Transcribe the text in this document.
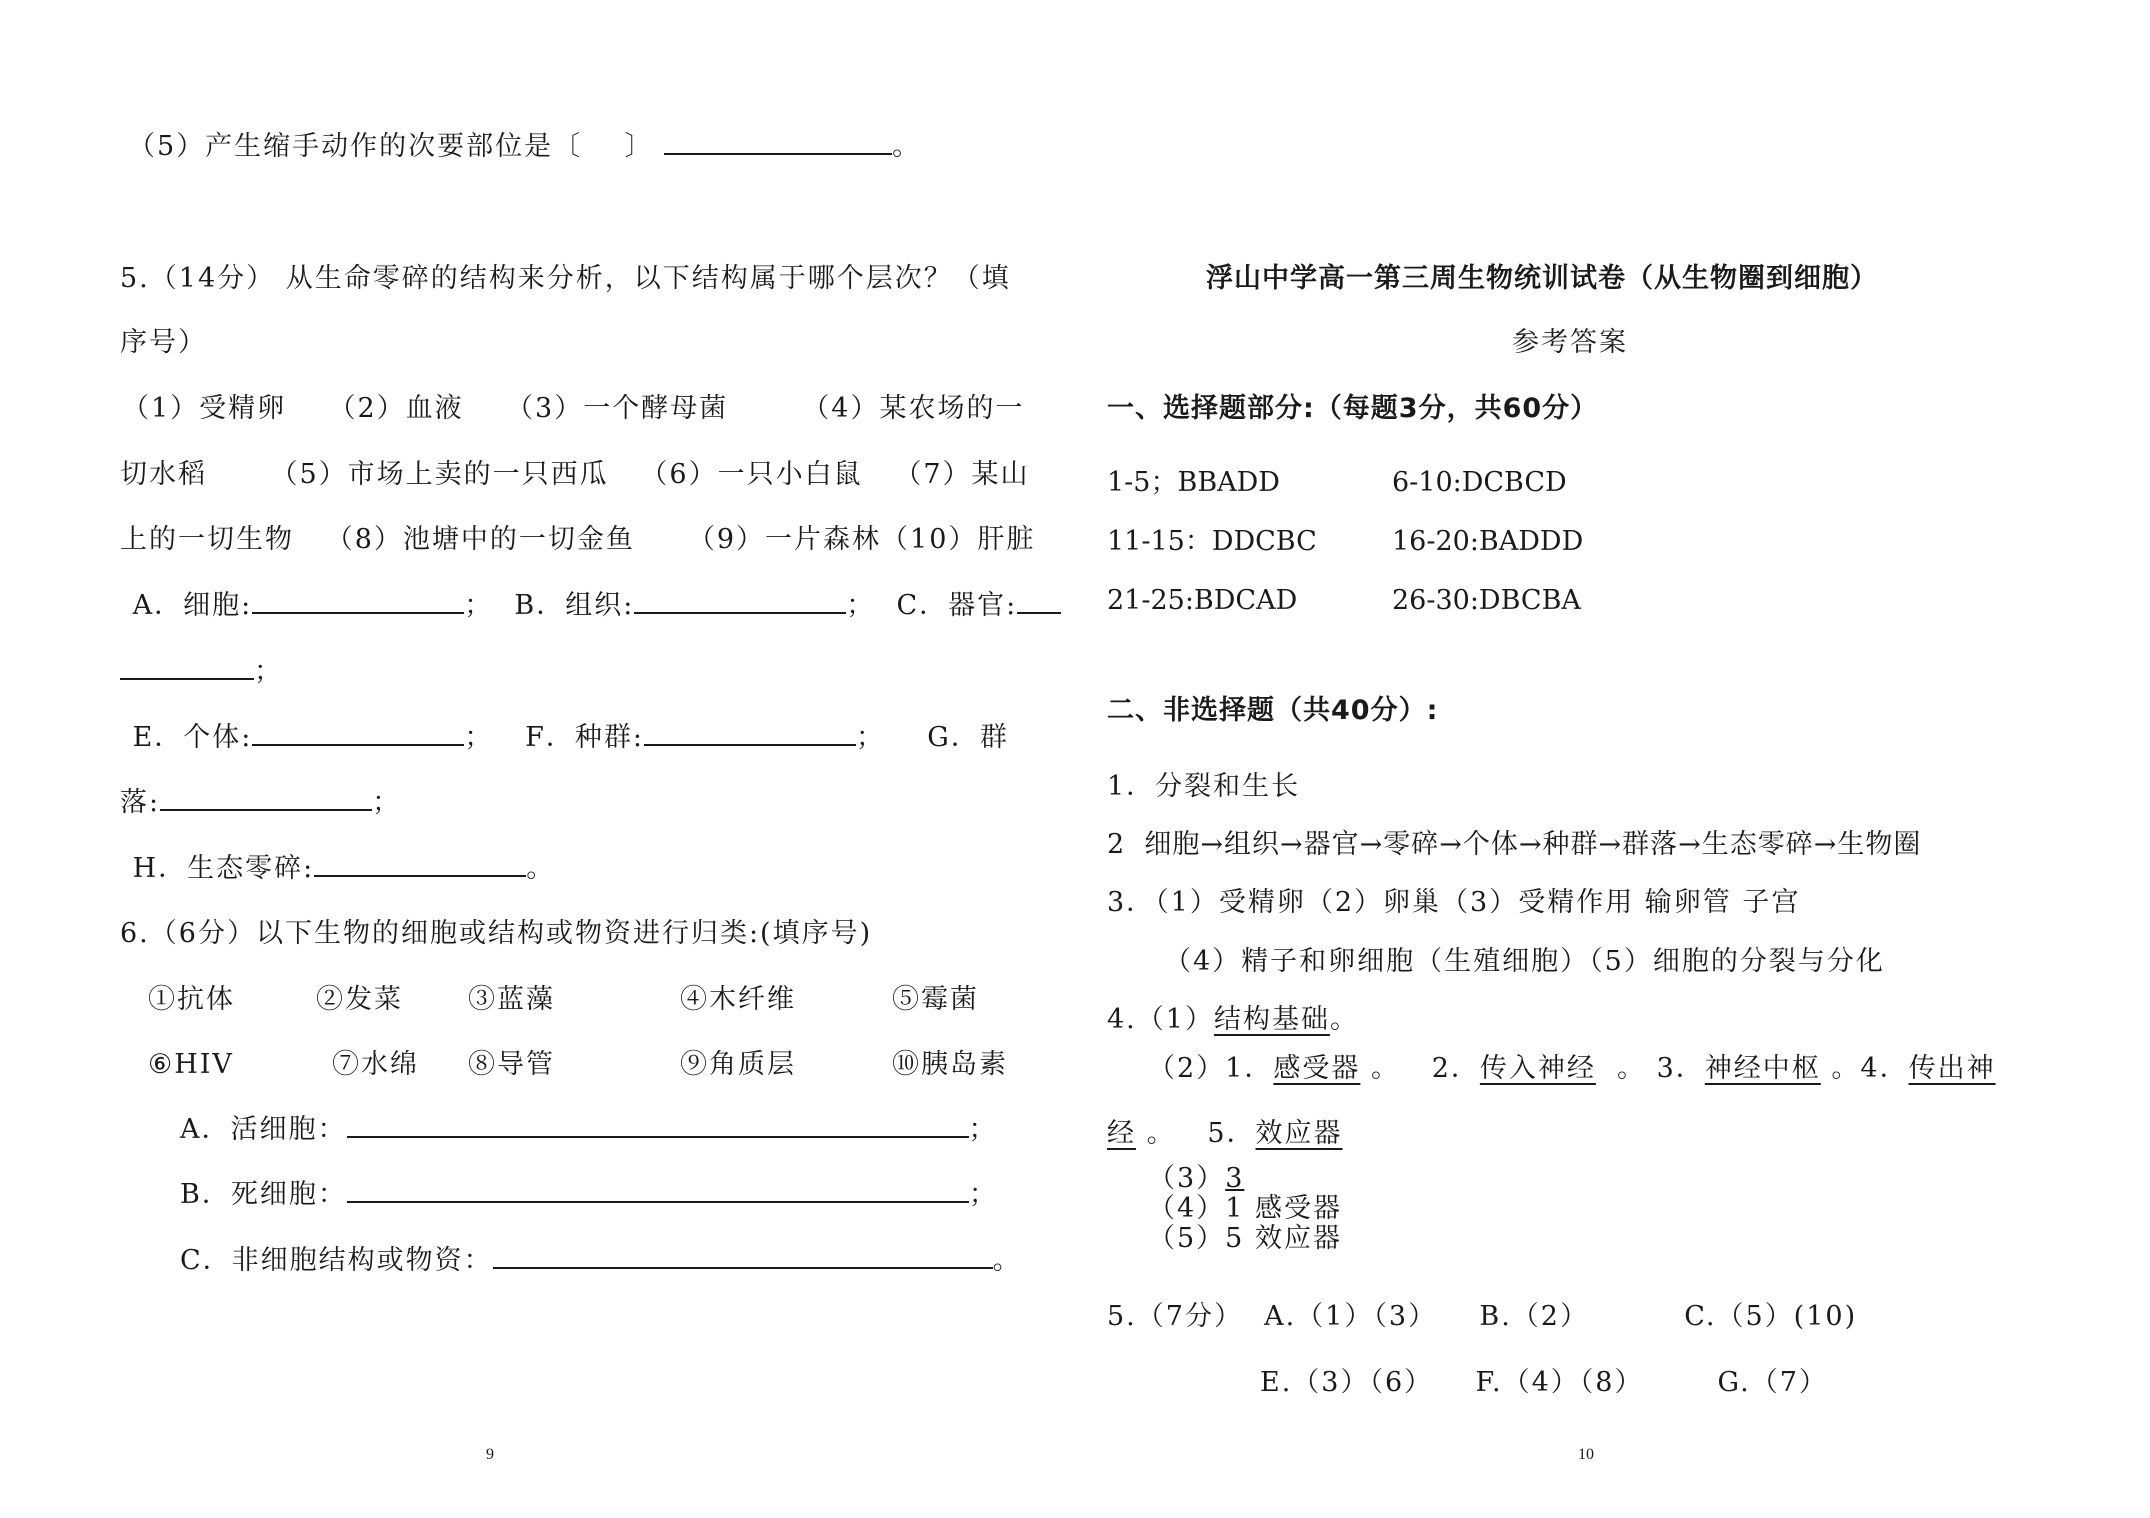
（5）产生缩手动作的次要部位是〔    〕	。
5.（14分） 从生命零碎的结构来分析，以下结构属于哪个层次？（填
序号）
（1）受精卵    （2）血液    （3）一个酵母菌       （4）某农场的一
切水稻      （5）市场上卖的一只西瓜   （6）一只小白鼠   （7）某山
上的一切生物   （8）池塘中的一切金鱼     （9）一片森林（10）肝脏
A．细胞:	；  B．组织:	；  C．器官:
；
E．个体:	；   F．种群:	；    G．群
落:	；
H．生态零碎:	。
6.（6分）以下生物的细胞或结构或物资进行归类:(填序号)
①抗体	②发菜 ③蓝藻	④木纤维	⑤霉菌
⑥HIV	⑦水绵 ⑧导管	⑨角质层	⑩胰岛素
A．活细胞：	；
B．死细胞：	；
C．非细胞结构或物资：	。
9
浮山中学高一第三周生物统训试卷（从生物圈到细胞）
参考答案
一、选择题部分:（每题3分，共60分）
1-5；BBADD	6-10:DCBCD
11-15：DDCBC	16-20:BADDD
21-25:BDCAD	26-30:DBCBA
二、非选择题（共40分）:
1．分裂和生长
2  细胞→组织→器官→零碎→个体→种群→群落→生态零碎→生物圈
3．（1）受精卵（2）卵巢（3）受精作用 输卵管 子宫
（4）精子和卵细胞（生殖细胞）（5）细胞的分裂与分化
4.（1）结构基础。
（2）1．感受器 。   2．传入神经  。 3．神经中枢 。4．传出神
经 。   5．效应器
（3）3
（4）1 感受器
（5）5 效应器
5.（7分）  A.（1）（3）    B.（2）         C.（5）(10)
E.（3）（6）    F.（4）（8）       G.（7）
10
